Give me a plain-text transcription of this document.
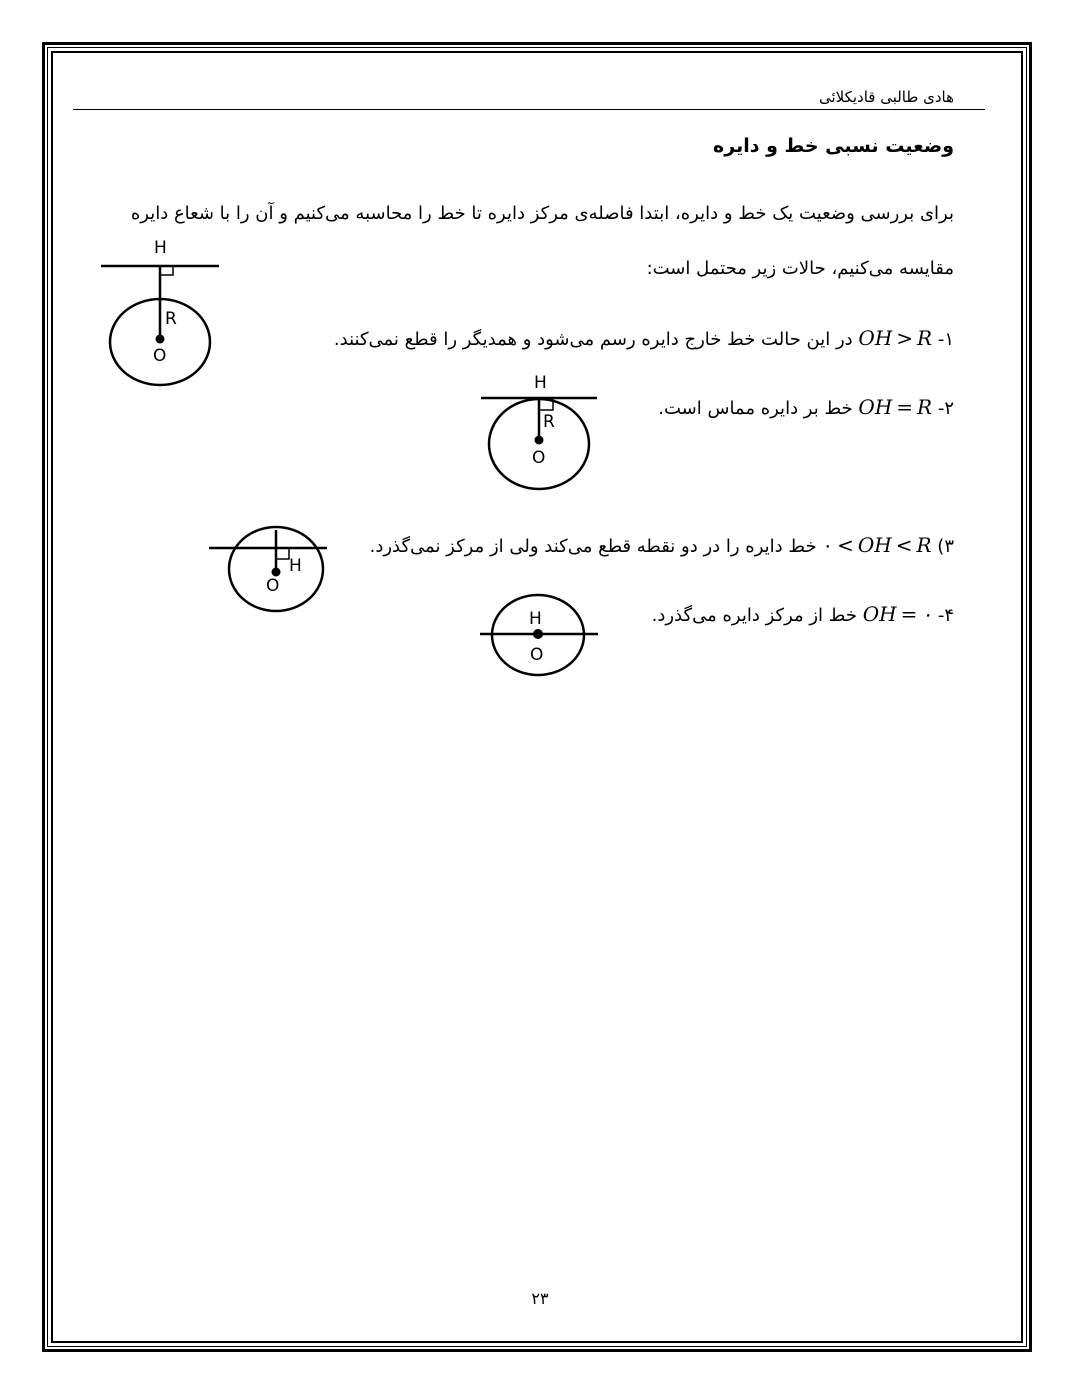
هادی طالبی قادیکلائی
وضعیت نسبی خط و دایره
برای بررسی وضعیت یک خط و دایره، ابتدا فاصله‌ی مرکز دایره تا خط را محاسبه می‌کنیم و آن را با شعاع دایره
مقایسه می‌کنیم، حالات زیر محتمل است:
۱- OH > R در این حالت خط خارج دایره رسم می‌شود و همدیگر را قطع نمی‌کنند.
۲- OH = R خط بر دایره مماس است.
۳) ۰ < OH < R خط دایره را در دو نقطه قطع می‌کند ولی از مرکز نمی‌گذرد.
۴- OH = ۰ خط از مرکز دایره می‌گذرد.
H
R
O
H
R
O
H
O
H
O
۲۳
